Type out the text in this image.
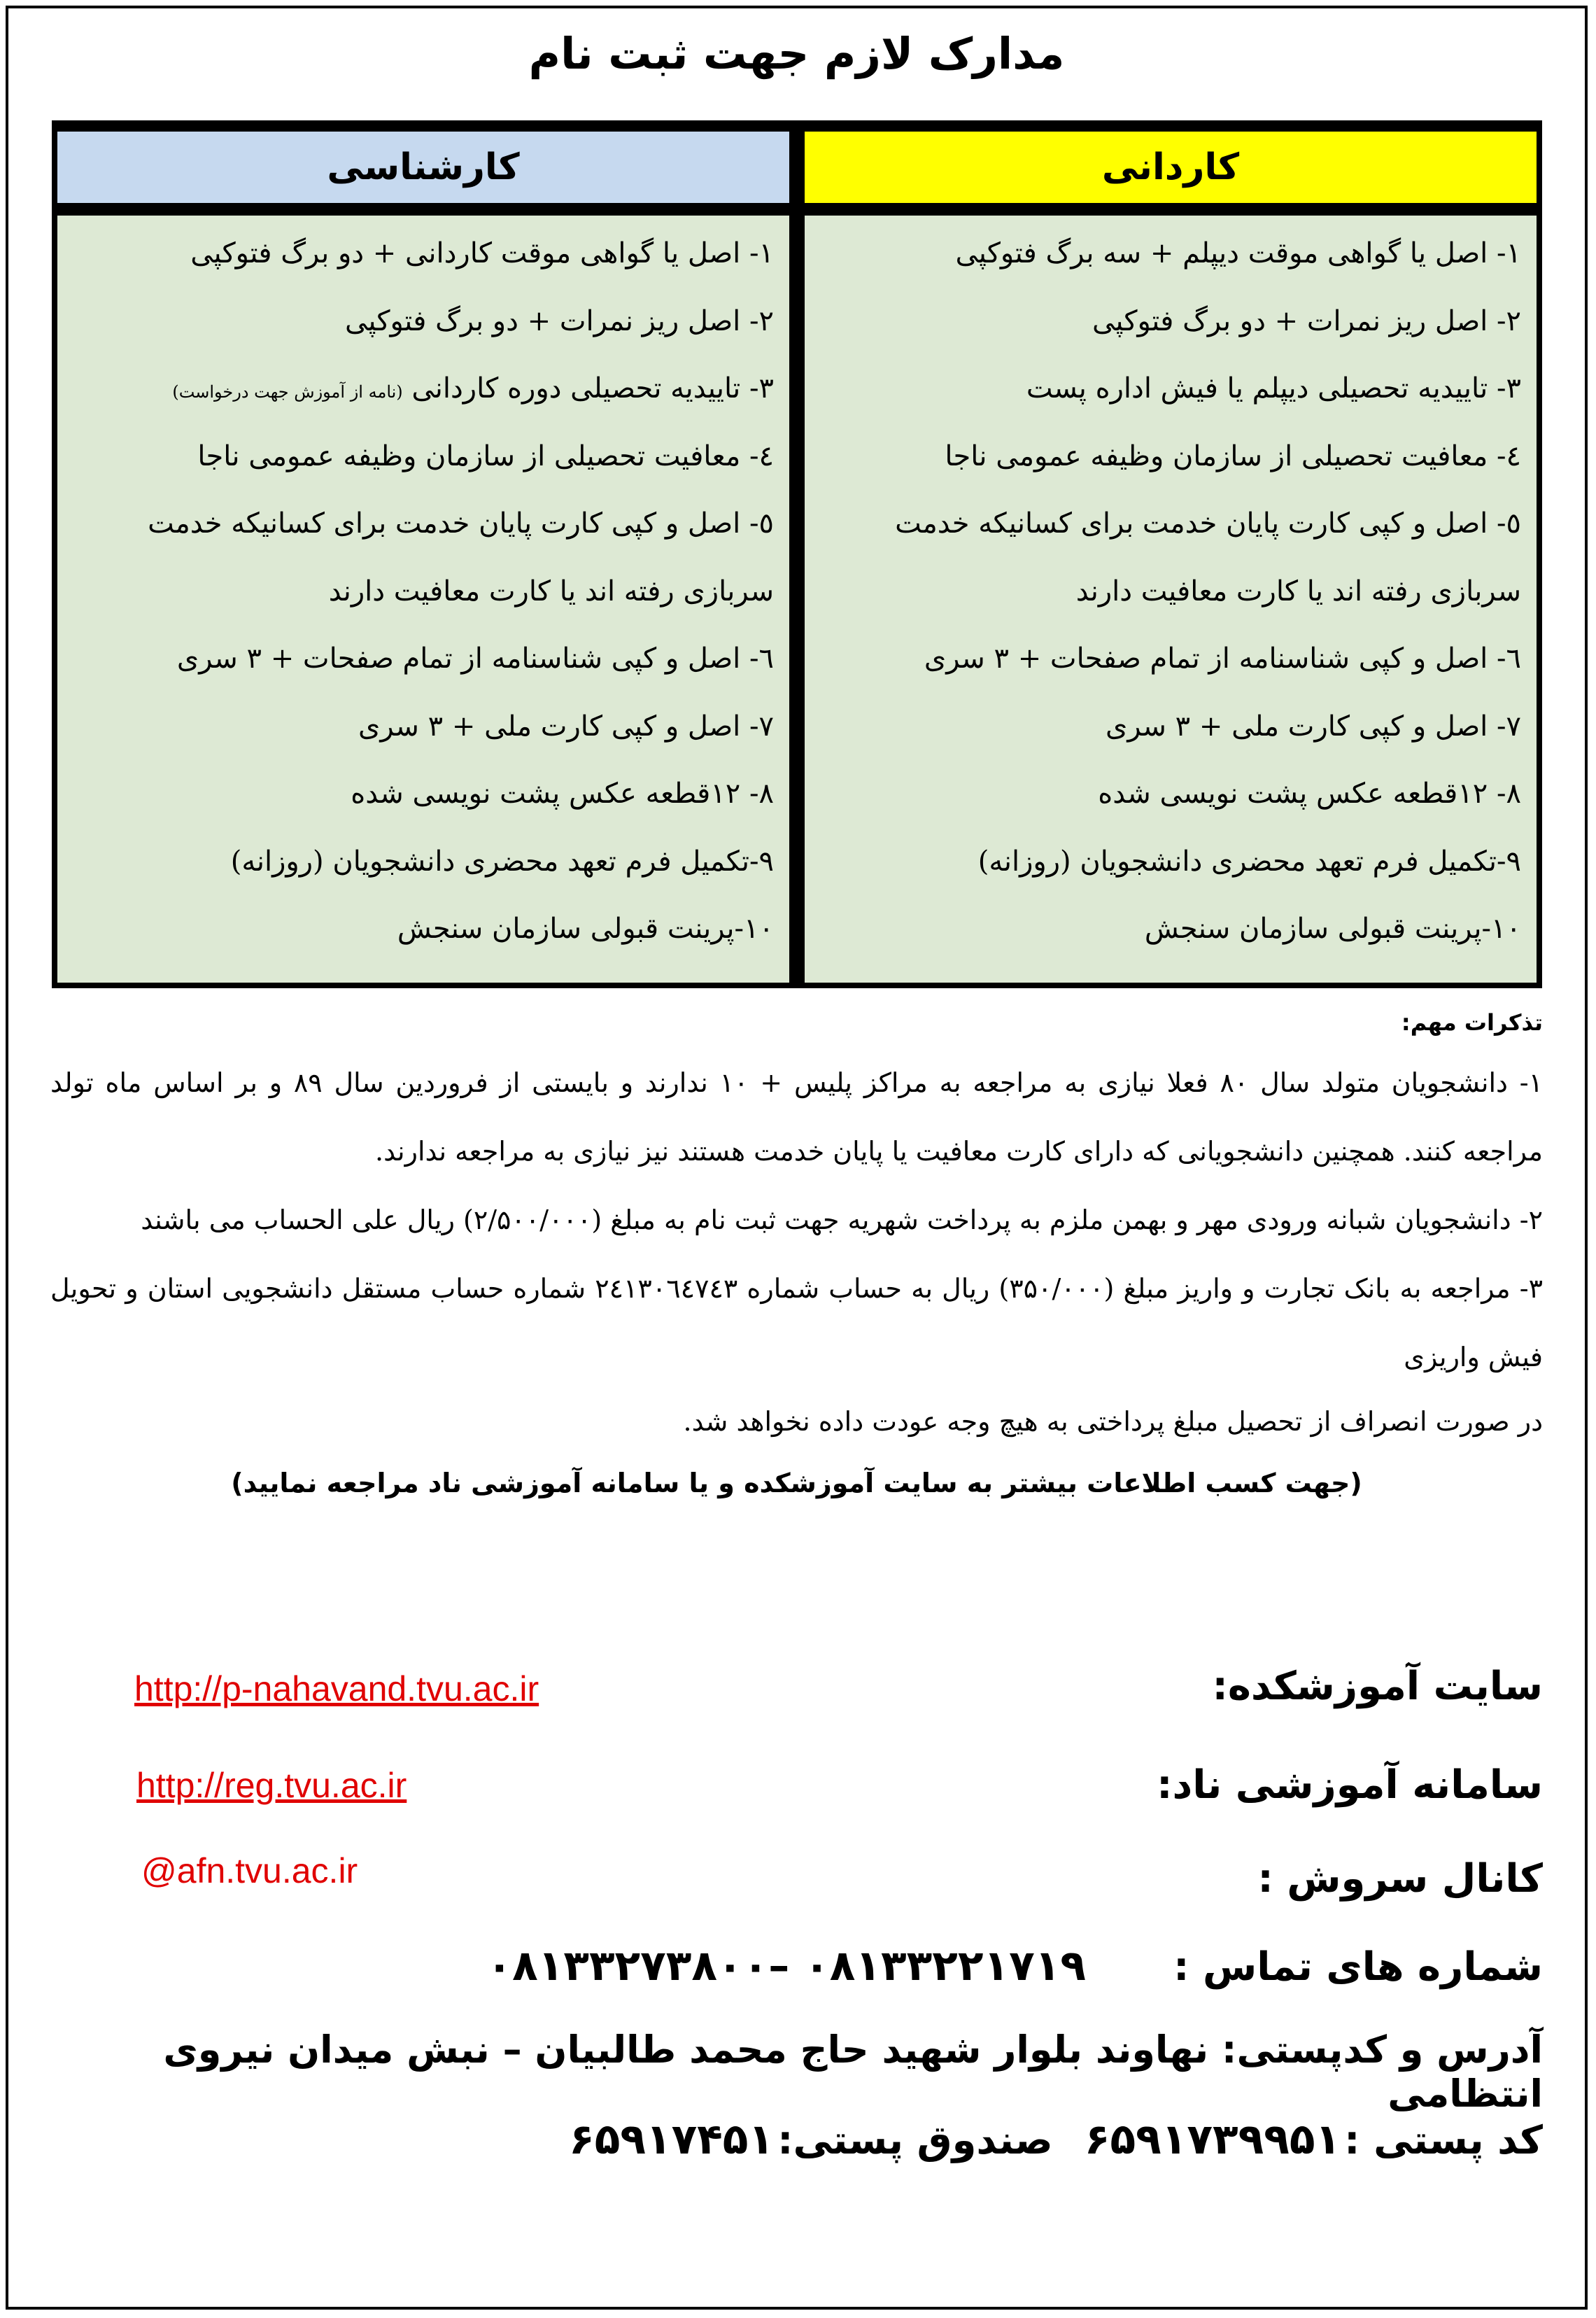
مدارک لازم جهت ثبت نام
کاردانی
۱- اصل یا گواهی موقت دیپلم + سه برگ فتوکپی
۲- اصل ریز نمرات + دو برگ فتوکپی
۳- تاییدیه تحصیلی دیپلم یا فیش اداره پست
٤- معافیت تحصیلی از سازمان وظیفه عمومی ناجا
٥- اصل و کپی کارت پایان خدمت برای کسانیکه خدمت
سربازی رفته اند یا کارت معافیت دارند
٦- اصل و کپی شناسنامه از تمام صفحات + ۳ سری
۷- اصل و کپی کارت ملی + ۳ سری
۸- ۱۲قطعه عکس پشت نویسی شده
۹-تکمیل فرم تعهد محضری دانشجویان (روزانه)
۱۰-پرینت قبولی سازمان سنجش
کارشناسی
۱- اصل یا گواهی موقت کاردانی + دو برگ فتوکپی
۲- اصل ریز نمرات + دو برگ فتوکپی
۳- تاییدیه تحصیلی دوره کاردانی (نامه از آموزش جهت درخواست)
٤- معافیت تحصیلی از سازمان وظیفه عمومی ناجا
٥- اصل و کپی کارت پایان خدمت برای کسانیکه خدمت
سربازی رفته اند یا کارت معافیت دارند
٦- اصل و کپی شناسنامه از تمام صفحات + ۳ سری
۷- اصل و کپی کارت ملی + ۳ سری
۸- ۱۲قطعه عکس پشت نویسی شده
۹-تکمیل فرم تعهد محضری دانشجویان (روزانه)
۱۰-پرینت قبولی سازمان سنجش
تذکرات مهم:
۱- دانشجویان متولد سال ۸۰ فعلا نیازی به مراجعه به مراکز پلیس + ۱۰ ندارند و بایستی از فروردین سال ۸۹ و بر اساس ماه تولد مراجعه کنند. همچنین دانشجویانی که دارای کارت معافیت یا پایان خدمت هستند نیز نیازی به مراجعه ندارند.
۲- دانشجویان شبانه ورودی مهر و بهمن ملزم به پرداخت شهریه جهت ثبت نام به مبلغ (۲/۵۰۰/۰۰۰) ریال علی الحساب می باشند
۳- مراجعه به بانک تجارت و واریز مبلغ (۳۵۰/۰۰۰) ریال به حساب شماره ۲٤۱۳۰٦٤۷٤۳ شماره حساب مستقل دانشجویی استان و تحویل فیش واریزی
در صورت انصراف از تحصیل مبلغ پرداختی به هیچ وجه عودت داده نخواهد شد.
(جهت کسب اطلاعات بیشتر به سایت آموزشکده و یا سامانه آموزشی ناد مراجعه نمایید)
سایت آموزشکده:
http://p-nahavand.tvu.ac.ir
سامانه آموزشی ناد:
http://reg.tvu.ac.ir
کانال سروش :
@afn.tvu.ac.ir
شماره های تماس : ۰۸۱۳۳۲۲۱۷۱۹ –۰۸۱۳۳۲۷۳۸۰۰
آدرس و کدپستی: نهاوند بلوار شهید حاج محمد طالبیان – نبش میدان نیروی انتظامی
کد پستی : ۶۵۹۱۷۳۹۹۵۱ صندوق پستی: ۶۵۹۱۷۴۵۱
